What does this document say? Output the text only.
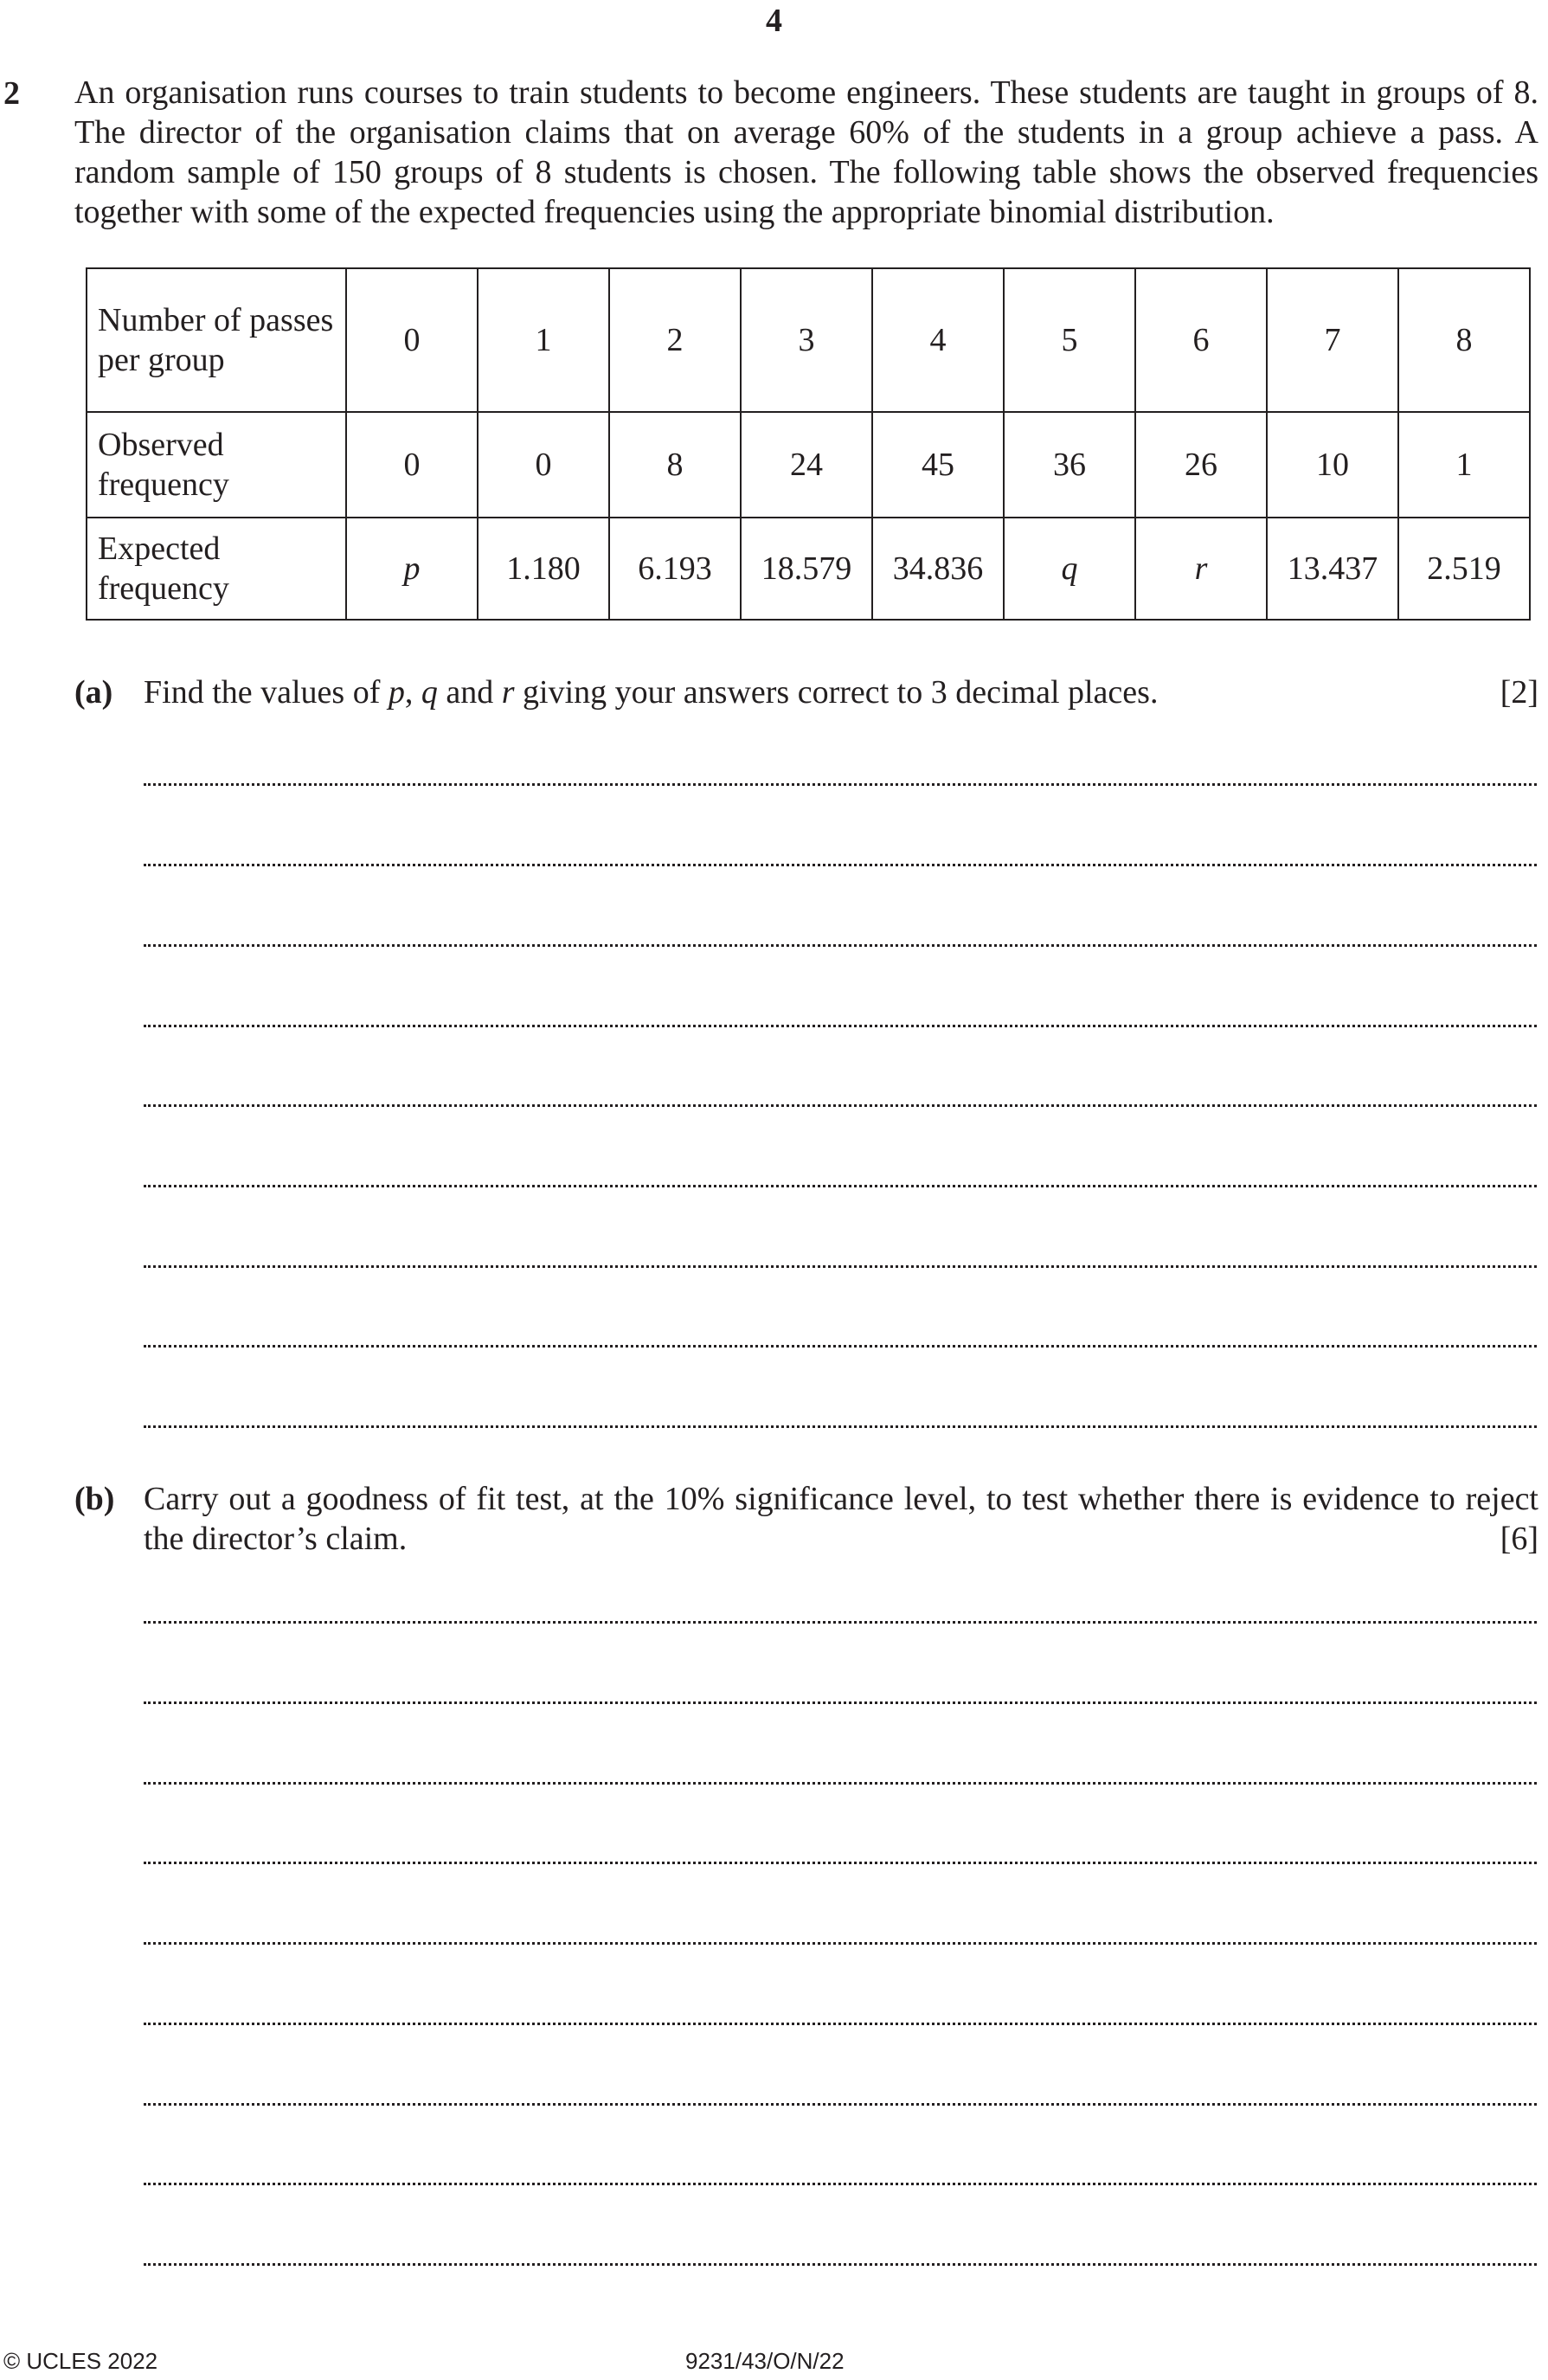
4
2 An organisation runs courses to train students to become engineers. These students are taught in groups of 8. The director of the organisation claims that on average 60% of the students in a group achieve a pass. A random sample of 150 groups of 8 students is chosen. The following table shows the observed frequencies together with some of the expected frequencies using the appropriate binomial distribution.
Number of passes per group	0	1	2	3	4	5	6	7	8
Observed frequency	0	0	8	24	45	36	26	10	1
Expected frequency	p	1.180	6.193	18.579	34.836	q	r	13.437	2.519
(a) Find the values of p, q and r giving your answers correct to 3 decimal places.	[2]
(b) Carry out a goodness of fit test, at the 10% significance level, to test whether there is evidence to reject the director’s claim.	[6]
© UCLES 2022	9231/43/O/N/22
